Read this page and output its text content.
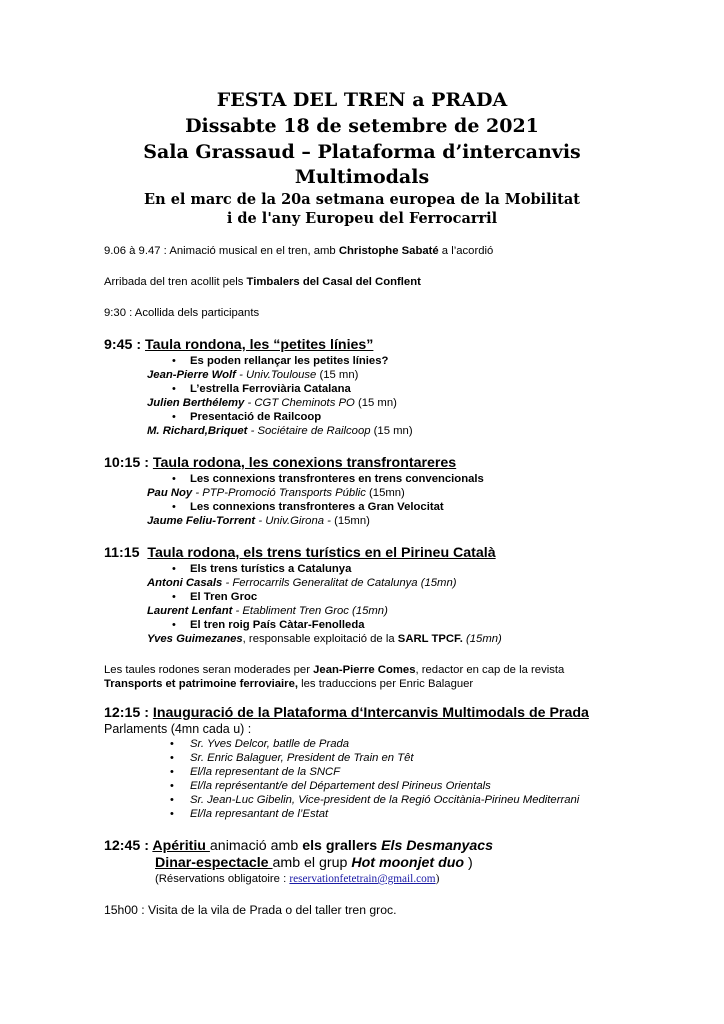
FESTA DEL TREN a PRADA
Dissabte 18 de setembre de 2021
Sala Grassaud – Plataforma d’intercanvis
Multimodals
En el marc de la 20a setmana europea de la Mobilitat
i de l'any Europeu del Ferrocarril
9.06 à 9.47 : Animació musical en el tren, amb Christophe Sabaté a l’acordió
Arribada del tren acollit pels Timbalers del Casal del Conflent
9:30 : Acollida dels participants
9:45 : Taula rondona, les “petites línies”
• Es poden rellançar les petites línies?
Jean-Pierre Wolf - Univ.Toulouse (15 mn)
• L’estrella Ferroviària Catalana
Julien Berthélemy - CGT Cheminots PO (15 mn)
• Presentació de Railcoop
M. Richard,Briquet - Sociétaire de Railcoop (15 mn)
10:15 : Taula rodona, les conexions transfrontareres
• Les connexions transfronteres en trens convencionals
Pau Noy - PTP-Promoció Transports Públic (15mn)
• Les connexions transfronteres a Gran Velocitat
Jaume Feliu-Torrent - Univ.Girona - (15mn)
11:15 Taula rodona, els trens turístics en el Pirineu Català
• Els trens turístics a Catalunya
Antoni Casals - Ferrocarrils Generalitat de Catalunya (15mn)
• El Tren Groc
Laurent Lenfant - Etabliment Tren Groc (15mn)
• El tren roig País Càtar-Fenolleda
Yves Guimezanes, responsable exploitació de la SARL TPCF. (15mn)
Les taules rodones seran moderades per Jean-Pierre Comes, redactor en cap de la revista
Transports et patrimoine ferroviaire, les traduccions per Enric Balaguer
12:15 : Inauguració de la Plataforma d‘Intercanvis Multimodals de Prada
Parlaments (4mn cada u) :
• Sr. Yves Delcor, batlle de Prada
• Sr. Enric Balaguer, President de Train en Têt
• El/la representant de la SNCF
• El/la représentant/e del Département desl Pirineus Orientals
• Sr. Jean-Luc Gibelin, Vice-president de la Regió Occitània-Pirineu Mediterrani
• El/la represantant de l’Estat
12:45 : Apéritiu animació amb els grallers Els Desmanyacs
Dinar-espectacle amb el grup Hot moonjet duo )
(Réservations obligatoire : reservationfetetrain@gmail.com)
15h00 : Visita de la vila de Prada o del taller tren groc.
